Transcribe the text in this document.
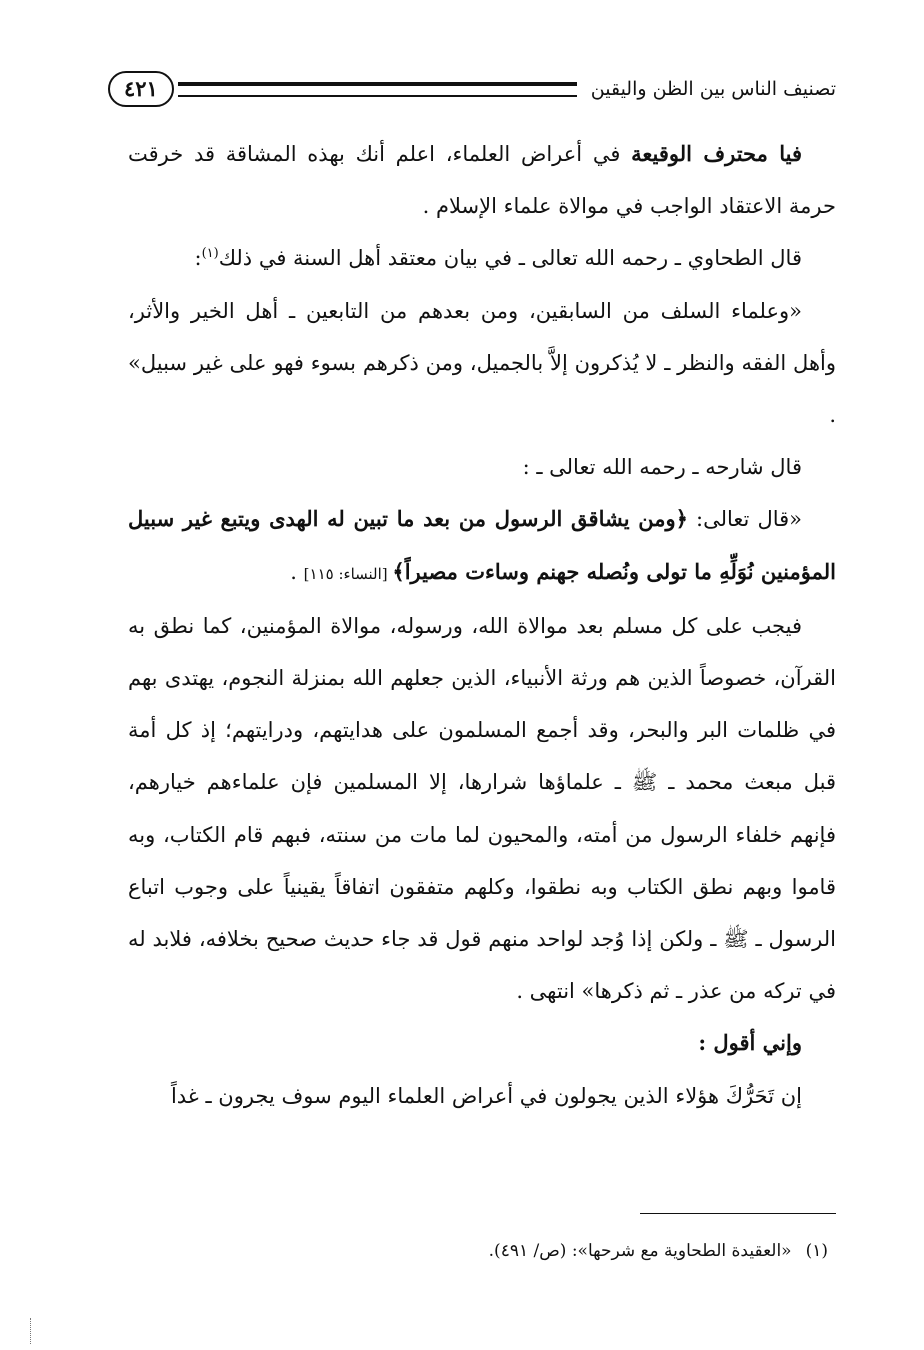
تصنيف الناس بين الظن واليقين
٤٢١

فيا محترف الوقيعة في أعراض العلماء، اعلم أنك بهذه المشاقة قد خرقت حرمة الاعتقاد الواجب في موالاة علماء الإسلام .

قال الطحاوي ـ رحمه الله تعالى ـ في بيان معتقد أهل السنة في ذلك$^{(١)}$:

«وعلماء السلف من السابقين، ومن بعدهم من التابعين ـ أهل الخير والأثر، وأهل الفقه والنظر ـ لا يُذكرون إلاَّ بالجميل، ومن ذكرهم بسوء فهو على غير سبيل» .

قال شارحه ـ رحمه الله تعالى ـ :

«قال تعالى: ﴿ومن يشاقق الرسول من بعد ما تبين له الهدى ويتبع غير سبيل المؤمنين نُوَلِّهِ ما تولى ونُصله جهنم وساءت مصيراً﴾ [النساء: ١١٥] .

فيجب على كل مسلم بعد موالاة الله، ورسوله، موالاة المؤمنين، كما نطق به القرآن، خصوصاً الذين هم ورثة الأنبياء، الذين جعلهم الله بمنزلة النجوم، يهتدى بهم في ظلمات البر والبحر، وقد أجمع المسلمون على هدايتهم، ودرايتهم؛ إذ كل أمة قبل مبعث محمد ـ ﷺ ـ علماؤها شرارها، إلا المسلمين فإن علماءهم خيارهم، فإنهم خلفاء الرسول من أمته، والمحيون لما مات من سنته، فبهم قام الكتاب، وبه قاموا وبهم نطق الكتاب وبه نطقوا، وكلهم متفقون اتفاقاً يقينياً على وجوب اتباع الرسول ـ ﷺ ـ ولكن إذا وُجد لواحد منهم قول قد جاء حديث صحيح بخلافه، فلابد له في تركه من عذر ـ ثم ذكرها» انتهى .

وإني أقول :

إن تَحَرُّكَ هؤلاء الذين يجولون في أعراض العلماء اليوم سوف يجرون ـ غداً

(١)«العقيدة الطحاوية مع شرحها»: (ص/ ٤٩١).
